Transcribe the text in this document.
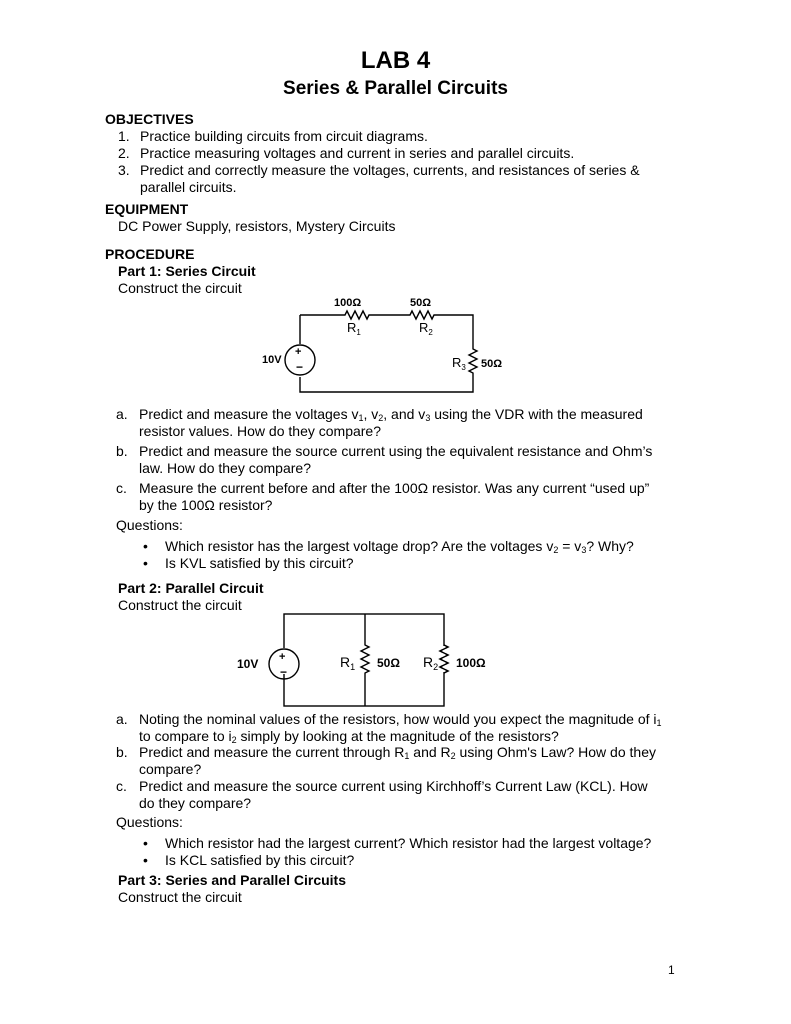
LAB 4
Series & Parallel Circuits
OBJECTIVES
1. Practice building circuits from circuit diagrams.
2. Practice measuring voltages and current in series and parallel circuits.
3. Predict and correctly measure the voltages, currents, and resistances of series &
parallel circuits.
EQUIPMENT
DC Power Supply, resistors, Mystery Circuits
PROCEDURE
Part 1: Series Circuit
Construct the circuit
+
−
10V
100Ω
$R_1$
50Ω
$R_2$
$R_3$ 50Ω
a. Predict and measure the voltages $v_1$, $v_2$, and $v_3$ using the VDR with the measured
resistor values. How do they compare?
b. Predict and measure the source current using the equivalent resistance and Ohm’s
law. How do they compare?
c. Measure the current before and after the 100Ω resistor. Was any current “used up”
by the 100Ω resistor?
Questions:
• Which resistor has the largest voltage drop? Are the voltages $v_2 = v_3$? Why?
• Is KVL satisfied by this circuit?
Part 2: Parallel Circuit
Construct the circuit
+
−
10V	$R_1$ 50Ω $R_2$ 100Ω
a. Noting the nominal values of the resistors, how would you expect the magnitude of $i_1$
to compare to $i_2$ simply by looking at the magnitude of the resistors?
b. Predict and measure the current through $R_1$ and $R_2$ using Ohm's Law? How do they
compare?
c. Predict and measure the source current using Kirchhoff’s Current Law (KCL). How
do they compare?
Questions:
• Which resistor had the largest current? Which resistor had the largest voltage?
• Is KCL satisfied by this circuit?
Part 3: Series and Parallel Circuits
Construct the circuit
1
